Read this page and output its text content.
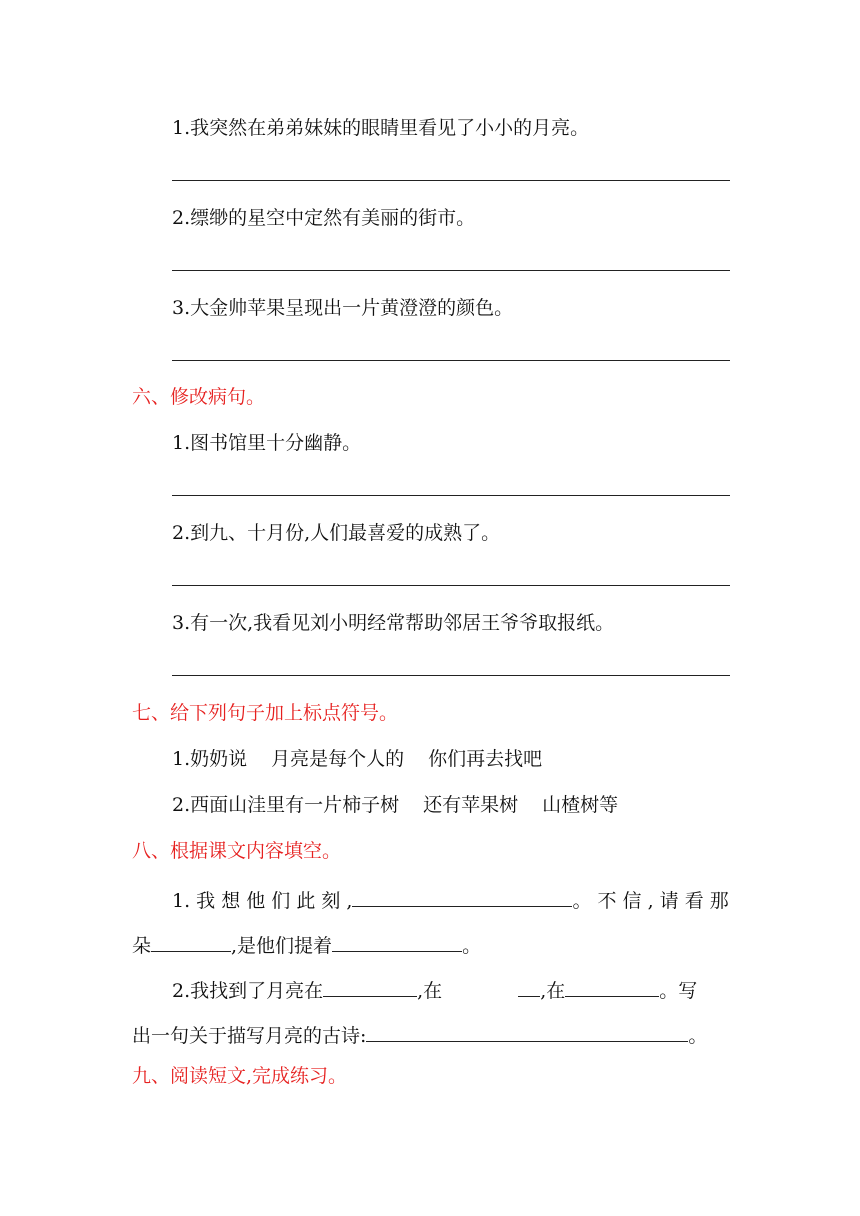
1.我突然在弟弟妹妹的眼睛里看见了小小的月亮。
2.缥缈的星空中定然有美丽的街市。
3.大金帅苹果呈现出一片黄澄澄的颜色。
六、修改病句。
1.图书馆里十分幽静。
2.到九、十月份,人们最喜爱的成熟了。
3.有一次,我看见刘小明经常帮助邻居王爷爷取报纸。
七、给下列句子加上标点符号。
1.奶奶说 月亮是每个人的 你们再去找吧
2.西面山洼里有一片柿子树 还有苹果树 山楂树等
八、根据课文内容填空。
1. 我 想 他 们 此 刻 ,	。 不 信 , 请 看 那
朵	,是他们提着	。
2.我找到了月亮在	,在	,在	。写
出一句关于描写月亮的古诗:	。
九、阅读短文,完成练习。
